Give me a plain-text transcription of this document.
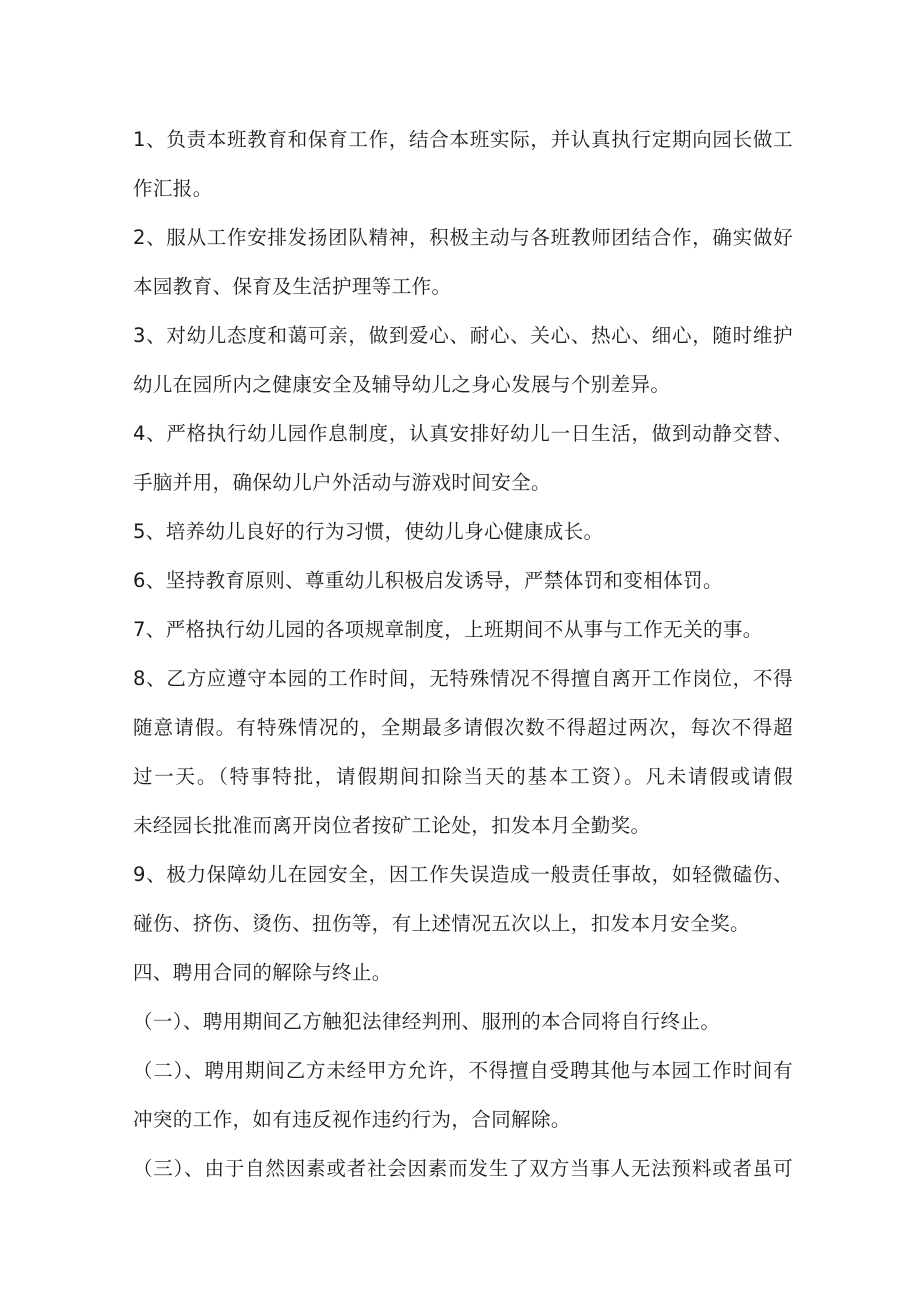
1、负责本班教育和保育工作，结合本班实际，并认真执行定期向园长做工
作汇报。
2、服从工作安排发扬团队精神，积极主动与各班教师团结合作，确实做好
本园教育、保育及生活护理等工作。
3、对幼儿态度和蔼可亲，做到爱心、耐心、关心、热心、细心，随时维护
幼儿在园所内之健康安全及辅导幼儿之身心发展与个别差异。
4、严格执行幼儿园作息制度，认真安排好幼儿一日生活，做到动静交替、
手脑并用，确保幼儿户外活动与游戏时间安全。
5、培养幼儿良好的行为习惯，使幼儿身心健康成长。
6、坚持教育原则、尊重幼儿积极启发诱导，严禁体罚和变相体罚。
7、严格执行幼儿园的各项规章制度，上班期间不从事与工作无关的事。
8、乙方应遵守本园的工作时间，无特殊情况不得擅自离开工作岗位，不得
随意请假。有特殊情况的，全期最多请假次数不得超过两次，每次不得超
过一天。（特事特批，请假期间扣除当天的基本工资）。凡未请假或请假
未经园长批准而离开岗位者按矿工论处，扣发本月全勤奖。
9、极力保障幼儿在园安全，因工作失误造成一般责任事故，如轻微磕伤、
碰伤、挤伤、烫伤、扭伤等，有上述情况五次以上，扣发本月安全奖。
四、聘用合同的解除与终止。
（一）、聘用期间乙方触犯法律经判刑、服刑的本合同将自行终止。
（二）、聘用期间乙方未经甲方允许，不得擅自受聘其他与本园工作时间有
冲突的工作，如有违反视作违约行为，合同解除。
（三）、由于自然因素或者社会因素而发生了双方当事人无法预料或者虽可
